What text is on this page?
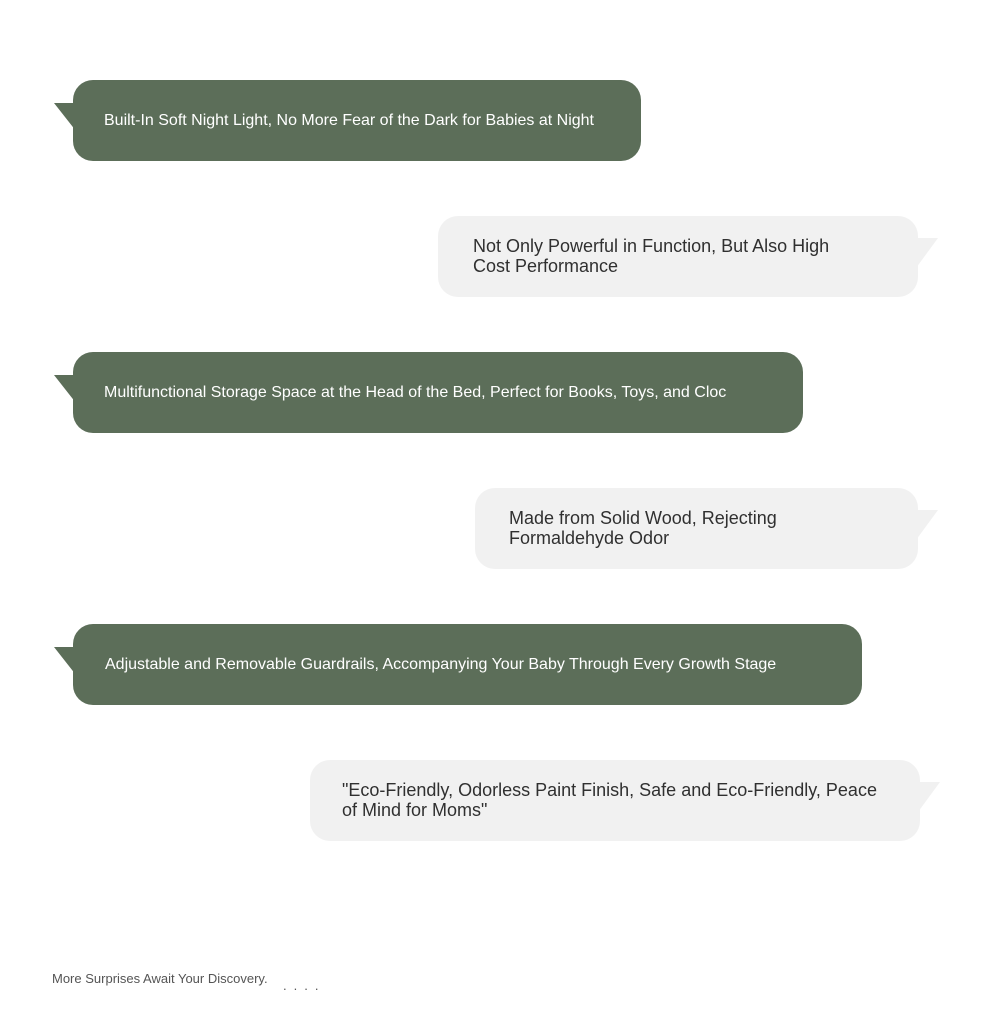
Built-In Soft Night Light, No More Fear of the Dark for Babies at Night
Not Only Powerful in Function, But Also High Cost Performance
Multifunctional Storage Space at the Head of the Bed, Perfect for Books, Toys, and Cloc
Made from Solid Wood, Rejecting Formaldehyde Odor
Adjustable and Removable Guardrails, Accompanying Your Baby Through Every Growth Stage
"Eco-Friendly, Odorless Paint Finish, Safe and Eco-Friendly, Peace of Mind for Moms"
More Surprises Await Your Discovery. ....
